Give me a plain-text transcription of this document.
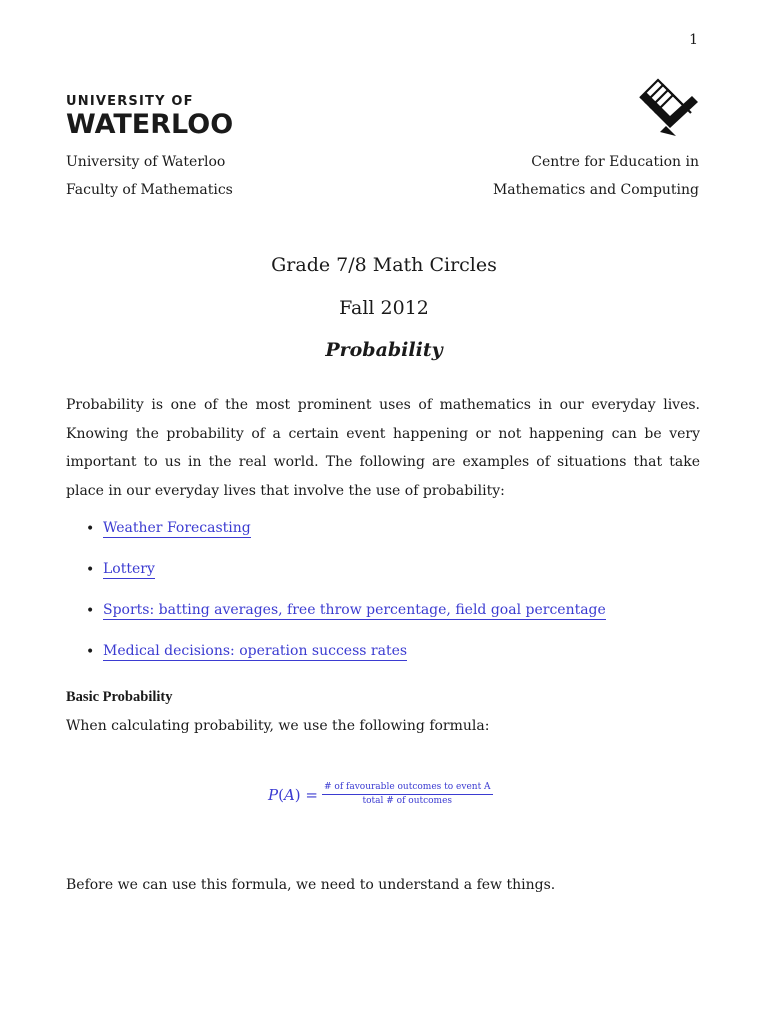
1
UNIVERSITY OF
WATERLOO
University of Waterloo
Faculty of Mathematics
Centre for Education in
Mathematics and Computing
Grade 7/8 Math Circles
Fall 2012
Probability
Probability is one of the most prominent uses of mathematics in our everyday lives. Knowing the probability of a certain event happening or not happening can be very important to us in the real world. The following are examples of situations that take place in our everyday lives that involve the use of probability:
• Weather Forecasting
• Lottery
• Sports: batting averages, free throw percentage, field goal percentage
• Medical decisions: operation success rates
Basic Probability
When calculating probability, we use the following formula:
$P(A) = \frac{\text{\# of favourable outcomes to event A}}{\text{total \# of outcomes}}$
Before we can use this formula, we need to understand a few things.
